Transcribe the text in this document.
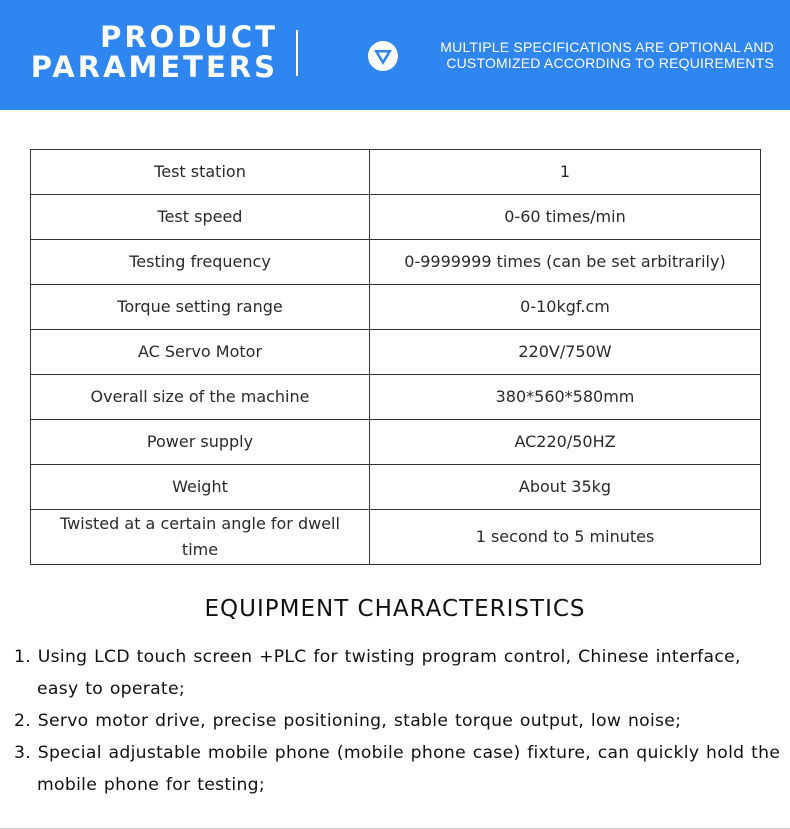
PRODUCT
PARAMETERS
MULTIPLE SPECIFICATIONS ARE OPTIONAL AND
CUSTOMIZED ACCORDING TO REQUIREMENTS
Test station	1
Test speed	0-60 times/min
Testing frequency	0-9999999 times (can be set arbitrarily)
Torque setting range	0-10kgf.cm
AC Servo Motor	220V/750W
Overall size of the machine	380*560*580mm
Power supply	AC220/50HZ
Weight	About 35kg
Twisted at a certain angle for dwell time	1 second to 5 minutes
EQUIPMENT CHARACTERISTICS
1. Using LCD touch screen +PLC for twisting program control, Chinese interface, easy to operate;
2. Servo motor drive, precise positioning, stable torque output, low noise;
3. Special adjustable mobile phone (mobile phone case) fixture, can quickly hold the mobile phone for testing;
